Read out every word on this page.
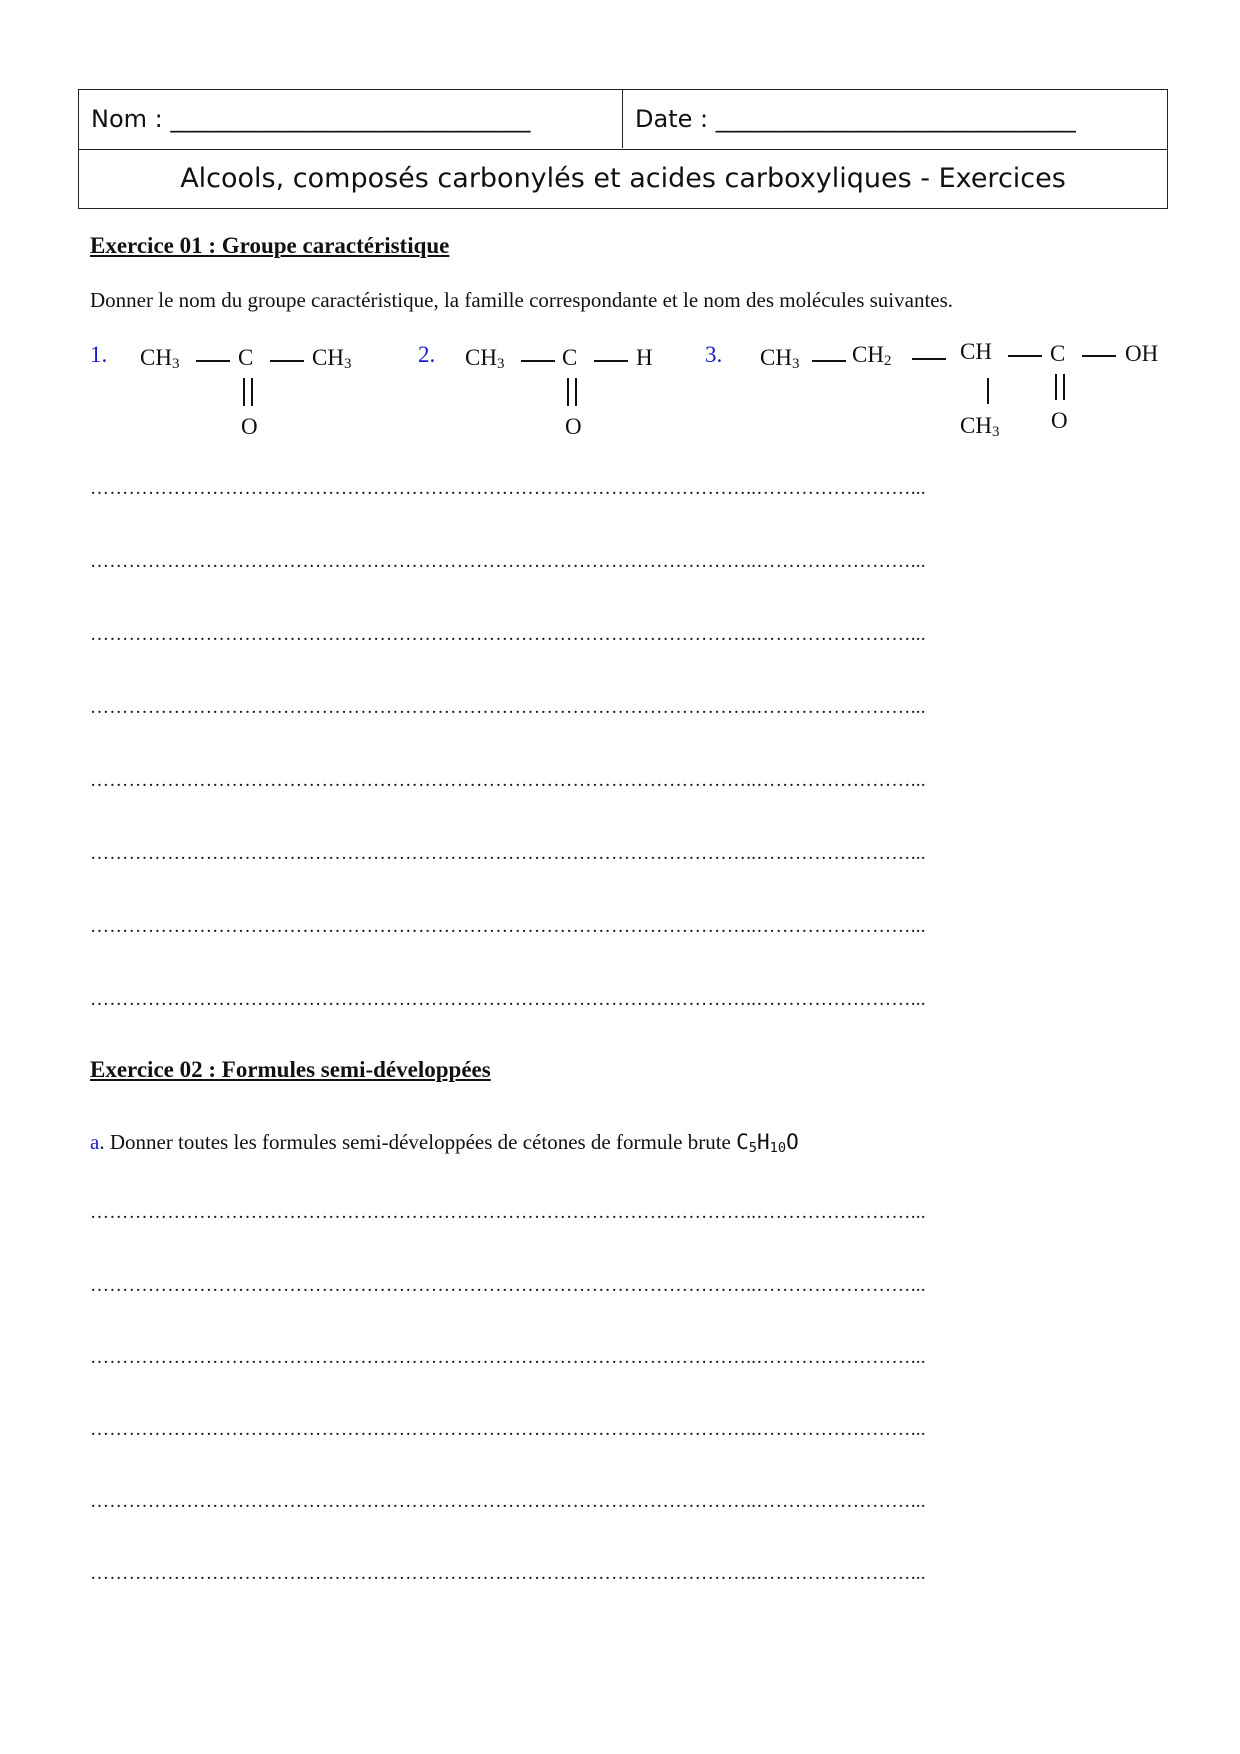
Nom : ______________________________	Date : ______________________________
Alcools, composés carbonylés et acides carboxyliques - Exercices
Exercice 01 : Groupe caractéristique
Donner le nom du groupe caractéristique, la famille correspondante et le nom des molécules suivantes.
1. $CH_3$	C	$CH_3$
O
2. $CH_3$	C	H
O
3. $CH_3$ $CH_2$	CH	C	OH
$CH_3$ O
…………………………………………………………………………………………..……………………...
…………………………………………………………………………………………..……………………...
…………………………………………………………………………………………..……………………...
…………………………………………………………………………………………..……………………...
…………………………………………………………………………………………..……………………...
…………………………………………………………………………………………..……………………...
…………………………………………………………………………………………..……………………...
…………………………………………………………………………………………..……………………...
Exercice 02 : Formules semi-développées
a. Donner toutes les formules semi-développées de cétones de formule brute $C_5H_{10}O$
…………………………………………………………………………………………..……………………...
…………………………………………………………………………………………..……………………...
…………………………………………………………………………………………..……………………...
…………………………………………………………………………………………..……………………...
…………………………………………………………………………………………..……………………...
…………………………………………………………………………………………..……………………...
